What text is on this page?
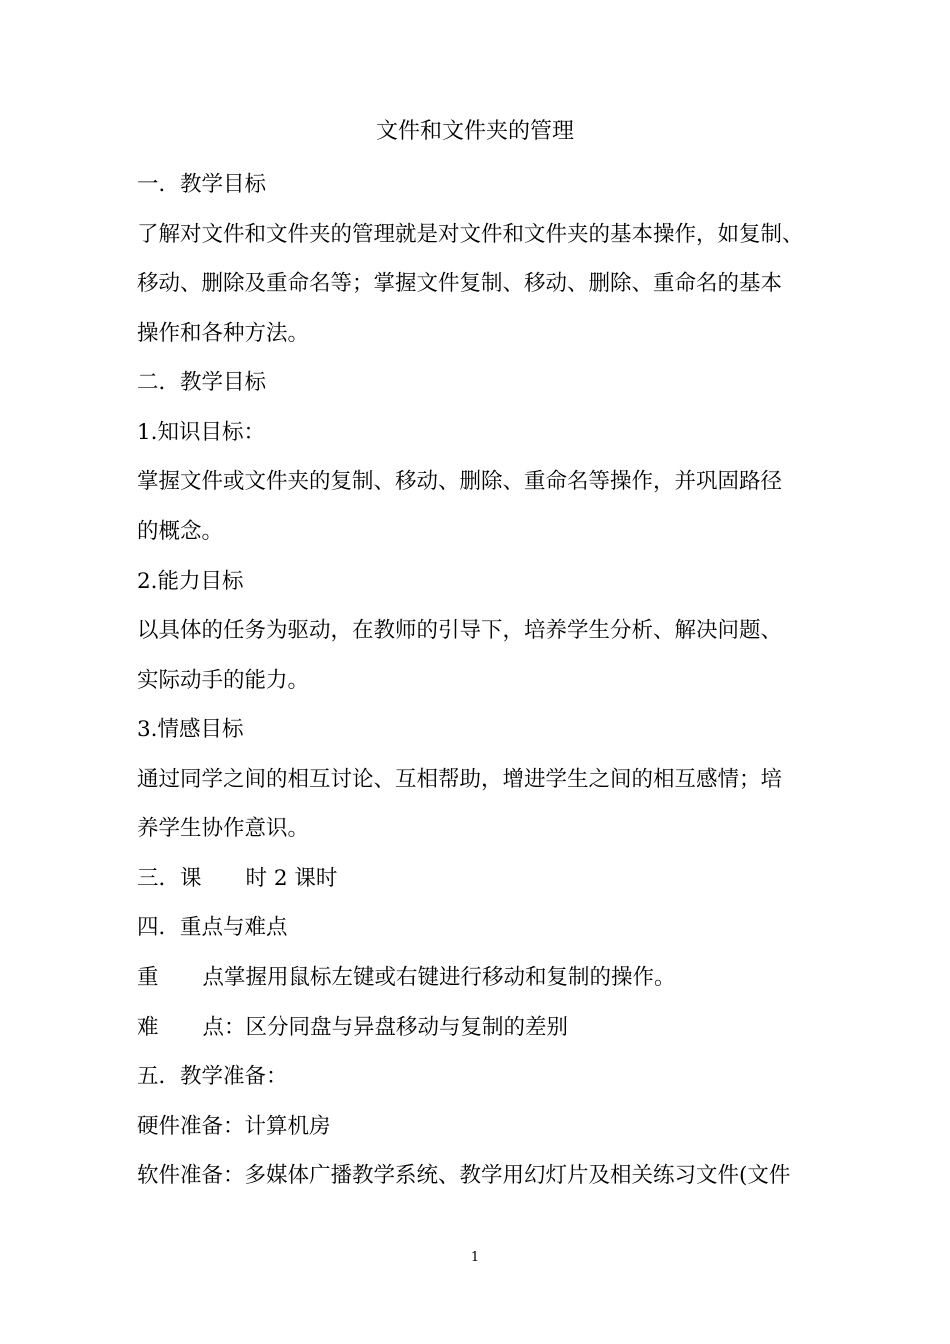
文件和文件夹的管理
一．教学目标
了解对文件和文件夹的管理就是对文件和文件夹的基本操作，如复制、
移动、删除及重命名等；掌握文件复制、移动、删除、重命名的基本
操作和各种方法。
二．教学目标
1.知识目标：
掌握文件或文件夹的复制、移动、删除、重命名等操作，并巩固路径
的概念。
2.能力目标
以具体的任务为驱动，在教师的引导下，培养学生分析、解决问题、
实际动手的能力。
3.情感目标
通过同学之间的相互讨论、互相帮助，增进学生之间的相互感情；培
养学生协作意识。
三．课 时 2 课时
四．重点与难点
重 点掌握用鼠标左键或右键进行移动和复制的操作。
难 点：区分同盘与异盘移动与复制的差别
五．教学准备：
硬件准备：计算机房
软件准备：多媒体广播教学系统、教学用幻灯片及相关练习文件(文件
1
